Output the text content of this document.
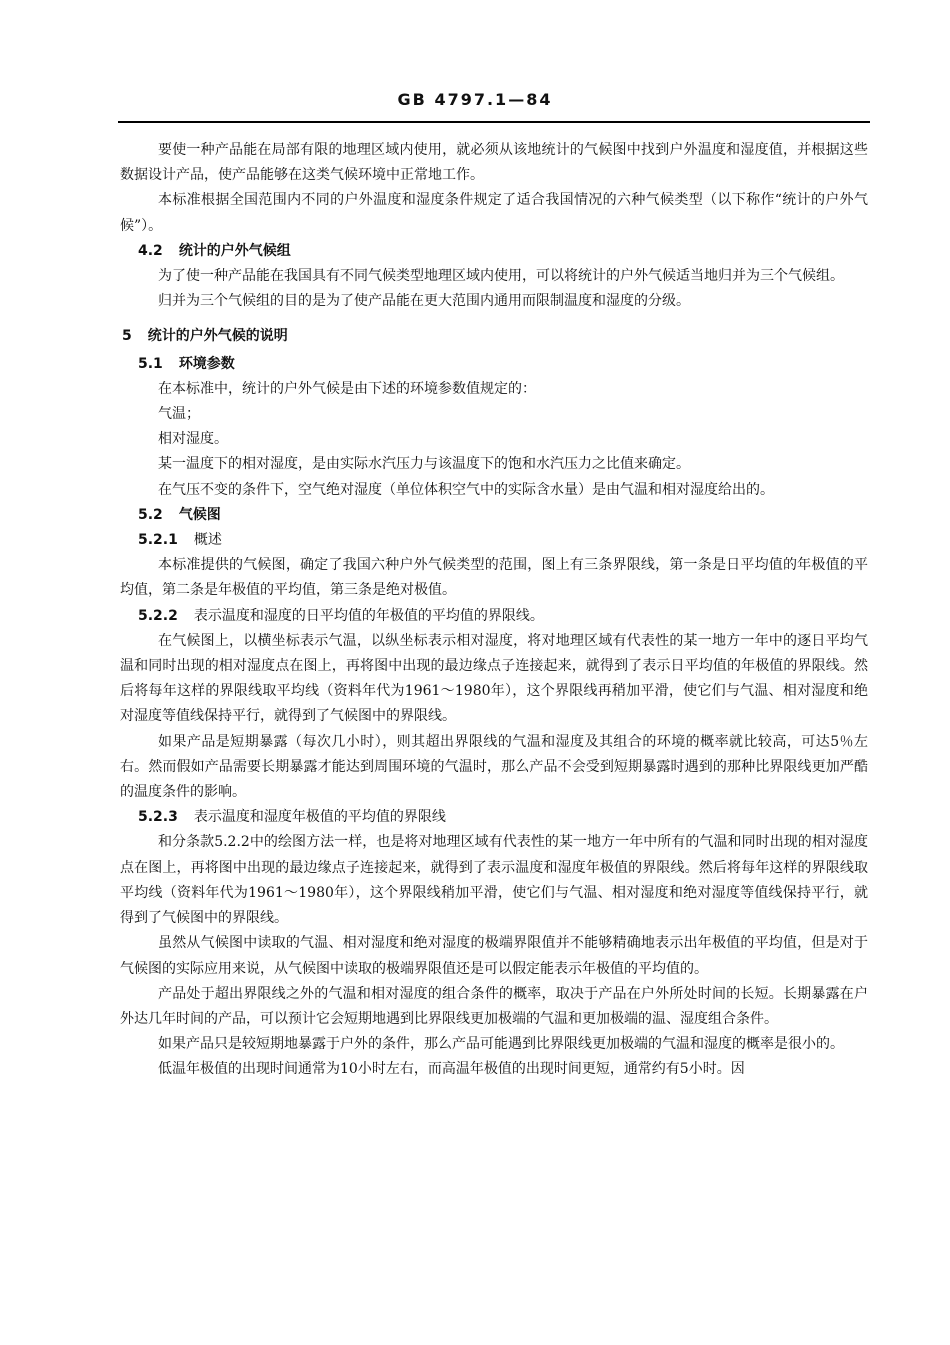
GB 4797.1—84

要使一种产品能在局部有限的地理区域内使用，就必须从该地统计的气候图中找到户外温度和湿度值，并根据这些数据设计产品，使产品能够在这类气候环境中正常地工作。

本标准根据全国范围内不同的户外温度和湿度条件规定了适合我国情况的六种气候类型（以下称作“统计的户外气候”）。

4.2 统计的户外气候组

为了使一种产品能在我国具有不同气候类型地理区域内使用，可以将统计的户外气候适当地归并为三个气候组。

归并为三个气候组的目的是为了使产品能在更大范围内通用而限制温度和湿度的分级。

5 统计的户外气候的说明
5.1 环境参数

在本标准中，统计的户外气候是由下述的环境参数值规定的：

气温；

相对湿度。

某一温度下的相对湿度，是由实际水汽压力与该温度下的饱和水汽压力之比值来确定。

在气压不变的条件下，空气绝对湿度（单位体积空气中的实际含水量）是由气温和相对湿度给出的。

5.2 气候图
5.2.1 概述

本标准提供的气候图，确定了我国六种户外气候类型的范围，图上有三条界限线，第一条是日平均值的年极值的平均值，第二条是年极值的平均值，第三条是绝对极值。

5.2.2 表示温度和湿度的日平均值的年极值的平均值的界限线。

在气候图上，以横坐标表示气温，以纵坐标表示相对湿度，将对地理区域有代表性的某一地方一年中的逐日平均气温和同时出现的相对湿度点在图上，再将图中出现的最边缘点子连接起来，就得到了表示日平均值的年极值的界限线。然后将每年这样的界限线取平均线（资料年代为1961～1980年），这个界限线再稍加平滑，使它们与气温、相对湿度和绝对湿度等值线保持平行，就得到了气候图中的界限线。

如果产品是短期暴露（每次几小时），则其超出界限线的气温和湿度及其组合的环境的概率就比较高，可达5％左右。然而假如产品需要长期暴露才能达到周围环境的气温时，那么产品不会受到短期暴露时遇到的那种比界限线更加严酷的温度条件的影响。

5.2.3 表示温度和湿度年极值的平均值的界限线

和分条款5.2.2中的绘图方法一样，也是将对地理区域有代表性的某一地方一年中所有的气温和同时出现的相对湿度点在图上，再将图中出现的最边缘点子连接起来，就得到了表示温度和湿度年极值的界限线。然后将每年这样的界限线取平均线（资料年代为1961～1980年），这个界限线稍加平滑，使它们与气温、相对湿度和绝对湿度等值线保持平行，就得到了气候图中的界限线。

虽然从气候图中读取的气温、相对湿度和绝对湿度的极端界限值并不能够精确地表示出年极值的平均值，但是对于气候图的实际应用来说，从气候图中读取的极端界限值还是可以假定能表示年极值的平均值的。

产品处于超出界限线之外的气温和相对湿度的组合条件的概率，取决于产品在户外所处时间的长短。长期暴露在户外达几年时间的产品，可以预计它会短期地遇到比界限线更加极端的气温和更加极端的温、湿度组合条件。

如果产品只是较短期地暴露于户外的条件，那么产品可能遇到比界限线更加极端的气温和湿度的概率是很小的。

低温年极值的出现时间通常为10小时左右，而高温年极值的出现时间更短，通常约有5小时。因
